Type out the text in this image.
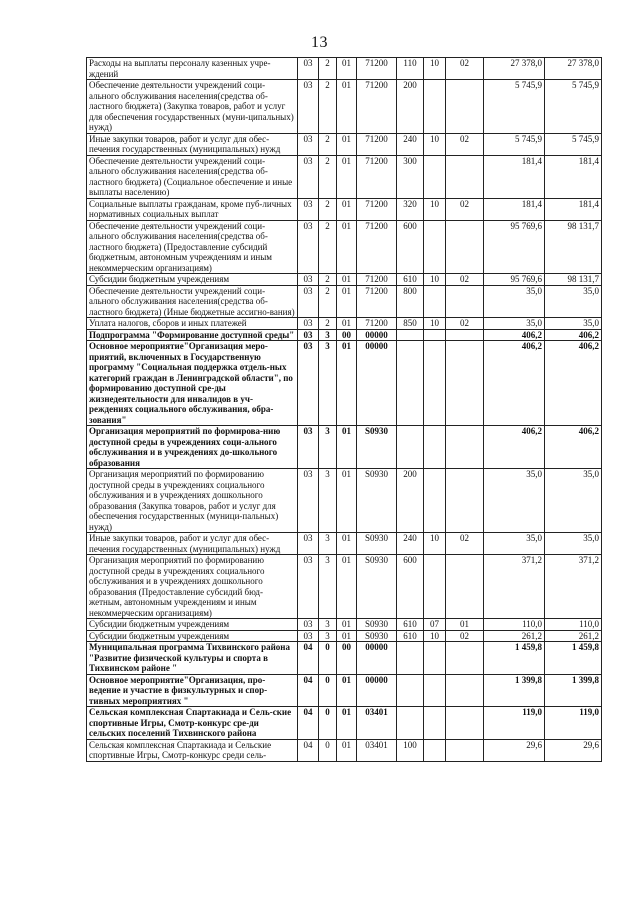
13
Расходы на выплаты персоналу казенных учре-ждений	03	2	01	71200	110	10	02	27 378,0	27 378,0
Обеспечение деятельности учреждений соци-ального обслуживания населения(средства об-ластного бюджета) (Закупка товаров, работ и услуг для обеспечения государственных (муни-ципальных) нужд)	03	2	01	71200	200			5 745,9	5 745,9
Иные закупки товаров, работ и услуг для обес-печения государственных (муниципальных) нужд	03	2	01	71200	240	10	02	5 745,9	5 745,9
Обеспечение деятельности учреждений соци-ального обслуживания населения(средства об-ластного бюджета) (Социальное обеспечение и иные выплаты населению)	03	2	01	71200	300			181,4	181,4
Социальные выплаты гражданам, кроме пуб-личных нормативных социальных выплат	03	2	01	71200	320	10	02	181,4	181,4
Обеспечение деятельности учреждений соци-ального обслуживания населения(средства об-ластного бюджета) (Предоставление субсидий бюджетным, автономным учреждениям и иным некоммерческим организациям)	03	2	01	71200	600			95 769,6	98 131,7
Субсидии бюджетным учреждениям	03	2	01	71200	610	10	02	95 769,6	98 131,7
Обеспечение деятельности учреждений соци-ального обслуживания населения(средства об-ластного бюджета) (Иные бюджетные ассигно-вания)	03	2	01	71200	800			35,0	35,0
Уплата налогов, сборов и иных платежей	03	2	01	71200	850	10	02	35,0	35,0
Подпрограмма "Формирование доступной среды"	03	3	00	00000				406,2	406,2
Основное мероприятие"Организация меро-приятий, включенных в Государственную программу "Социальная поддержка отдель-ных категорий граждан в Ленинградской области", по формированию доступной сре-ды жизнедеятельности для инвалидов в уч-реждениях социального обслуживания, обра-зования"	03	3	01	00000				406,2	406,2
Организация мероприятий по формирова-нию доступной среды в учреждениях соци-ального обслуживания и в учреждениях до-школьного образования	03	3	01	S0930				406,2	406,2
Организация мероприятий по формированию доступной среды в учреждениях социального обслуживания и в учреждениях дошкольного образования (Закупка товаров, работ и услуг для обеспечения государственных (муници-пальных) нужд)	03	3	01	S0930	200			35,0	35,0
Иные закупки товаров, работ и услуг для обес-печения государственных (муниципальных) нужд	03	3	01	S0930	240	10	02	35,0	35,0
Организация мероприятий по формированию доступной среды в учреждениях социального обслуживания и в учреждениях дошкольного образования (Предоставление субсидий бюд-жетным, автономным учреждениям и иным некоммерческим организациям)	03	3	01	S0930	600			371,2	371,2
Субсидии бюджетным учреждениям	03	3	01	S0930	610	07	01	110,0	110,0
Субсидии бюджетным учреждениям	03	3	01	S0930	610	10	02	261,2	261,2
Муниципальная программа Тихвинского района "Развитие физической культуры и спорта в Тихвинском районе "	04	0	00	00000				1 459,8	1 459,8
Основное мероприятие"Организация, про-ведение и участие в физкультурных и спор-тивных мероприятиях "	04	0	01	00000				1 399,8	1 399,8
Сельская комплексная Спартакиада и Сель-ские спортивные Игры, Смотр-конкурс сре-ди сельских поселений Тихвинского района	04	0	01	03401				119,0	119,0
Сельская комплексная Спартакиада и Сельские спортивные Игры, Смотр-конкурс среди сель-	04	0	01	03401	100			29,6	29,6
